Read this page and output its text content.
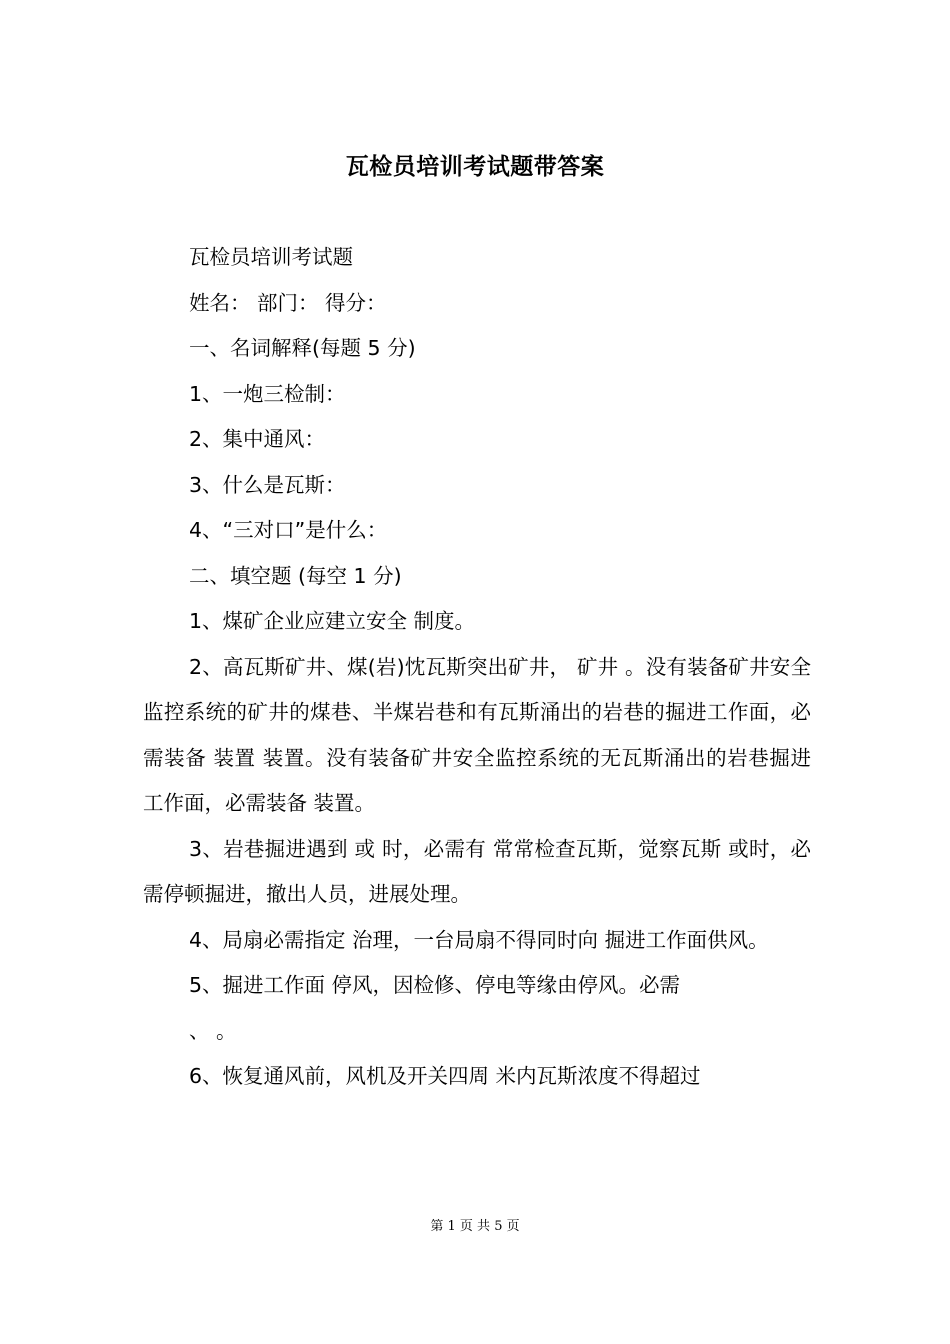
瓦检员培训考试题带答案

瓦检员培训考试题

姓名： 部门： 得分：

一、名词解释(每题 5 分)

1、一炮三检制：

2、集中通风：

3、什么是瓦斯：

4、“三对口”是什么：

二、填空题 (每空 1 分)

1、煤矿企业应建立安全 制度。

2、高瓦斯矿井、煤(岩)忱瓦斯突出矿井， 矿井 。没有装备矿井安全监控系统的矿井的煤巷、半煤岩巷和有瓦斯涌出的岩巷的掘进工作面，必需装备 装置 装置。没有装备矿井安全监控系统的无瓦斯涌出的岩巷掘进工作面，必需装备 装置。

3、岩巷掘进遇到 或 时，必需有 常常检查瓦斯，觉察瓦斯 或时，必需停顿掘进，撤出人员，进展处理。

4、局扇必需指定 治理，一台局扇不得同时向 掘进工作面供风。

5、掘进工作面 停风，因检修、停电等缘由停风。必需

、 。

6、恢复通风前，风机及开关四周 米内瓦斯浓度不得超过

第 1 页 共 5 页
